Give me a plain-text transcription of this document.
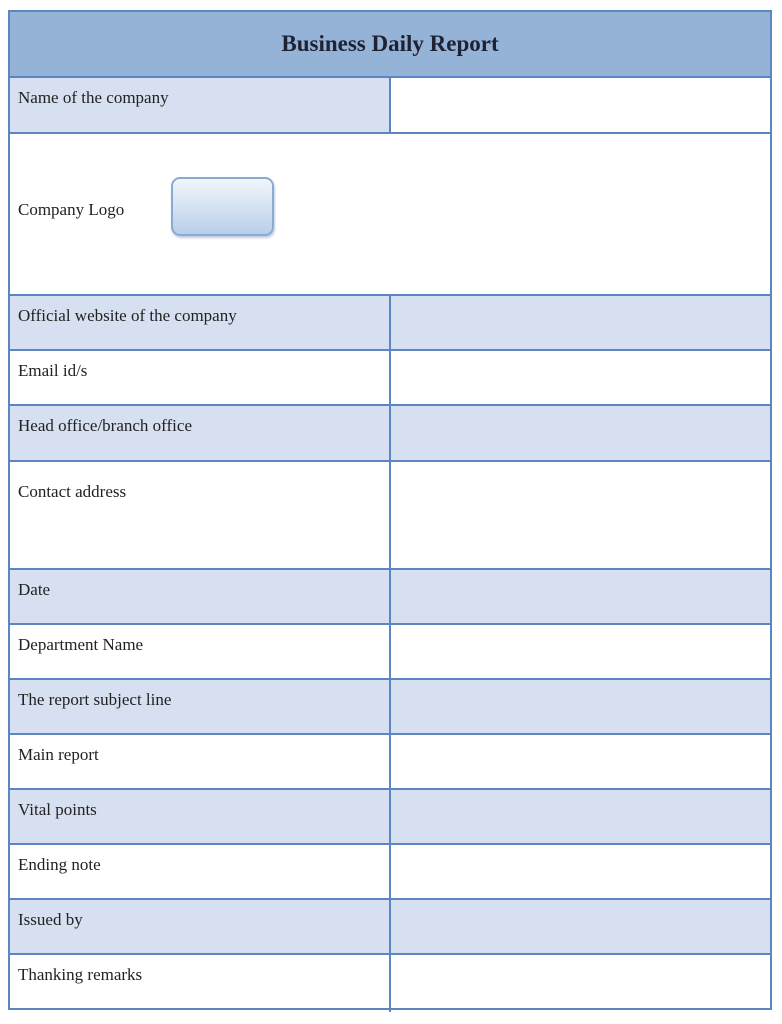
Business Daily Report
Name of the company
Company Logo
Official website of the company
Email id/s
Head office/branch office
Contact address
Date
Department Name
The report subject line
Main report
Vital points
Ending note
Issued by
Thanking remarks
